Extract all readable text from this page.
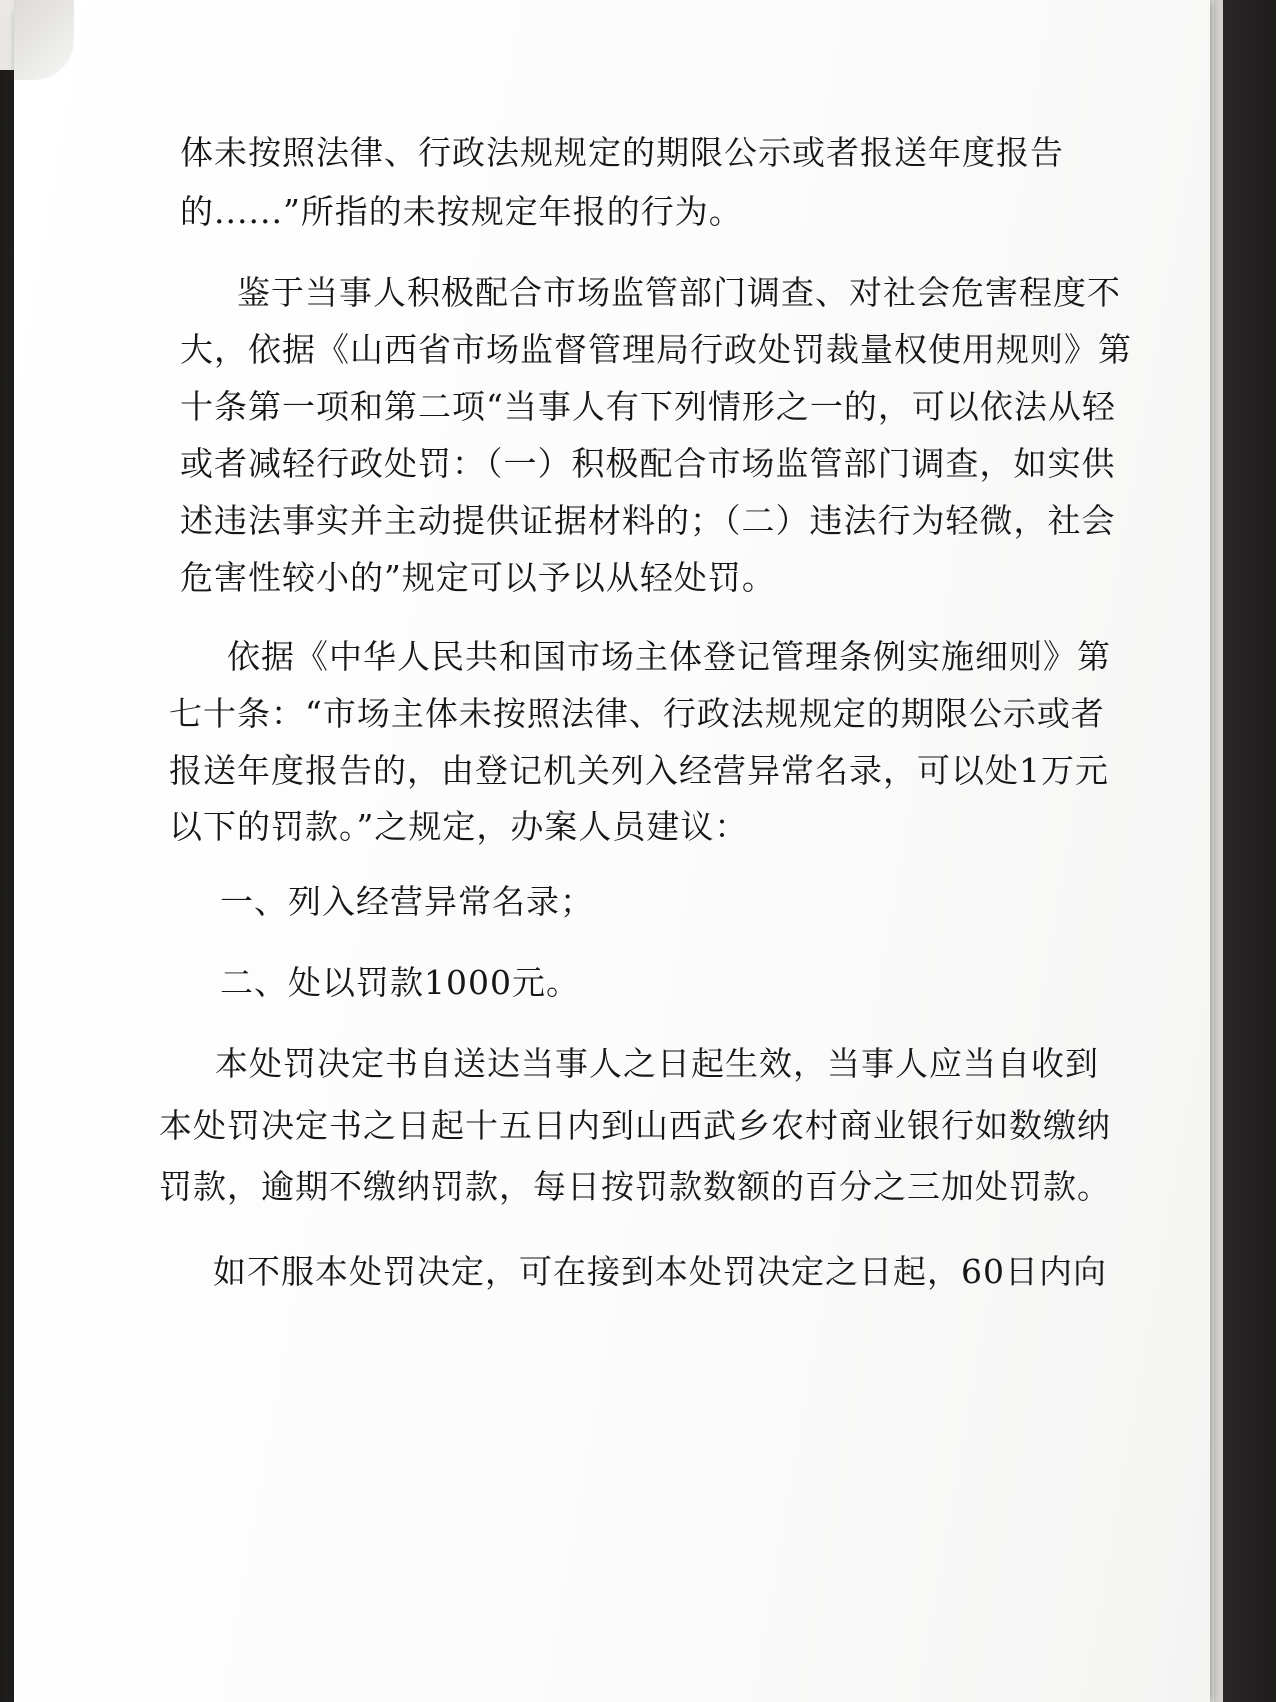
体未按照法律、行政法规规定的期限公示或者报送年度报告

的......”所指的未按规定年报的行为。

鉴于当事人积极配合市场监管部门调查、对社会危害程度不

大，依据《山西省市场监督管理局行政处罚裁量权使用规则》第

十条第一项和第二项“当事人有下列情形之一的，可以依法从轻

或者减轻行政处罚：（一）积极配合市场监管部门调查，如实供

述违法事实并主动提供证据材料的；（二）违法行为轻微，社会

危害性较小的”规定可以予以从轻处罚。

依据《中华人民共和国市场主体登记管理条例实施细则》第

七十条：“市场主体未按照法律、行政法规规定的期限公示或者

报送年度报告的，由登记机关列入经营异常名录，可以处1万元

以下的罚款。”之规定，办案人员建议：

一、列入经营异常名录；

二、处以罚款1000元。

本处罚决定书自送达当事人之日起生效，当事人应当自收到

本处罚决定书之日起十五日内到山西武乡农村商业银行如数缴纳

罚款，逾期不缴纳罚款，每日按罚款数额的百分之三加处罚款。

如不服本处罚决定，可在接到本处罚决定之日起，60日内向
